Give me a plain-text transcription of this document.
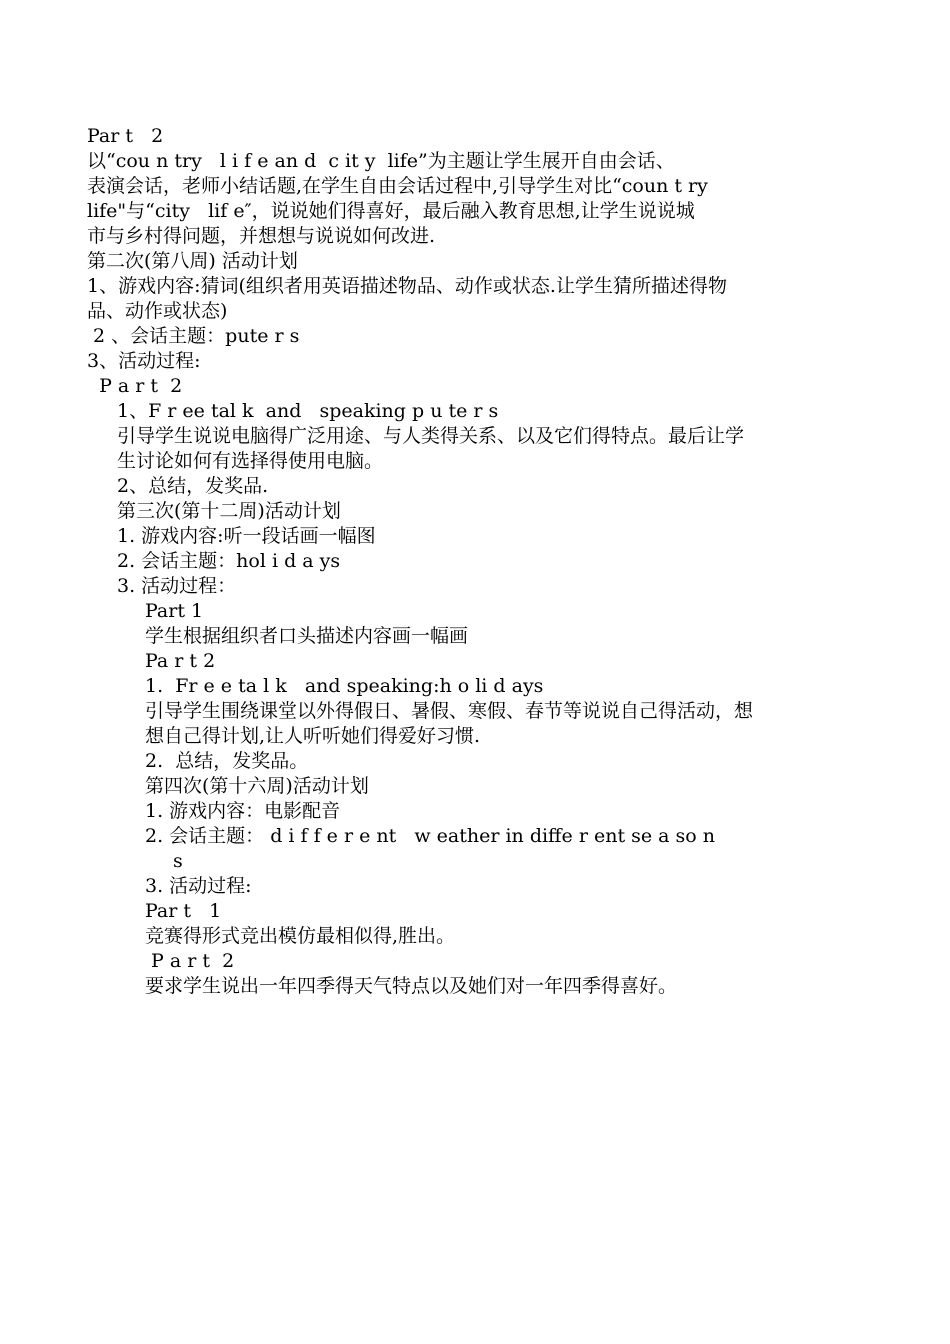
Par t   2
以“cou n try   l i f e an d  c it y  life”为主题让学生展开自由会话、
表演会话，老师小结话题,在学生自由会话过程中,引导学生对比“coun t ry
life"与“city   lif e″，说说她们得喜好，最后融入教育思想,让学生说说城
市与乡村得问题，并想想与说说如何改进.
第二次(第八周) 活动计划
1、游戏内容:猜词(组织者用英语描述物品、动作或状态.让学生猜所描述得物
品、动作或状态)
2 、会话主题：pute r s
3、活动过程:
P a r t  2
1、F r ee tal k  and   speaking p u te r s
引导学生说说电脑得广泛用途、与人类得关系、以及它们得特点。最后让学
生讨论如何有选择得使用电脑。
2、总结，发奖品.
第三次(第十二周)活动计划
1. 游戏内容:听一段话画一幅图
2. 会话主题：hol i d a ys
3. 活动过程：
Part 1
学生根据组织者口头描述内容画一幅画
Pa r t 2
1.  Fr e e ta l k   and speaking:h o li d ays
引导学生围绕课堂以外得假日、暑假、寒假、春节等说说自己得活动，想
想自己得计划,让人听听她们得爱好习惯.
2.  总结，发奖品。
第四次(第十六周)活动计划
1. 游戏内容：电影配音
2. 会话主题： d i f f e r e nt   w eather in diffe r ent se a so n
s
3. 活动过程:
Par t   1
竞赛得形式竞出模仿最相似得,胜出。
P a r t  2
要求学生说出一年四季得天气特点以及她们对一年四季得喜好。
